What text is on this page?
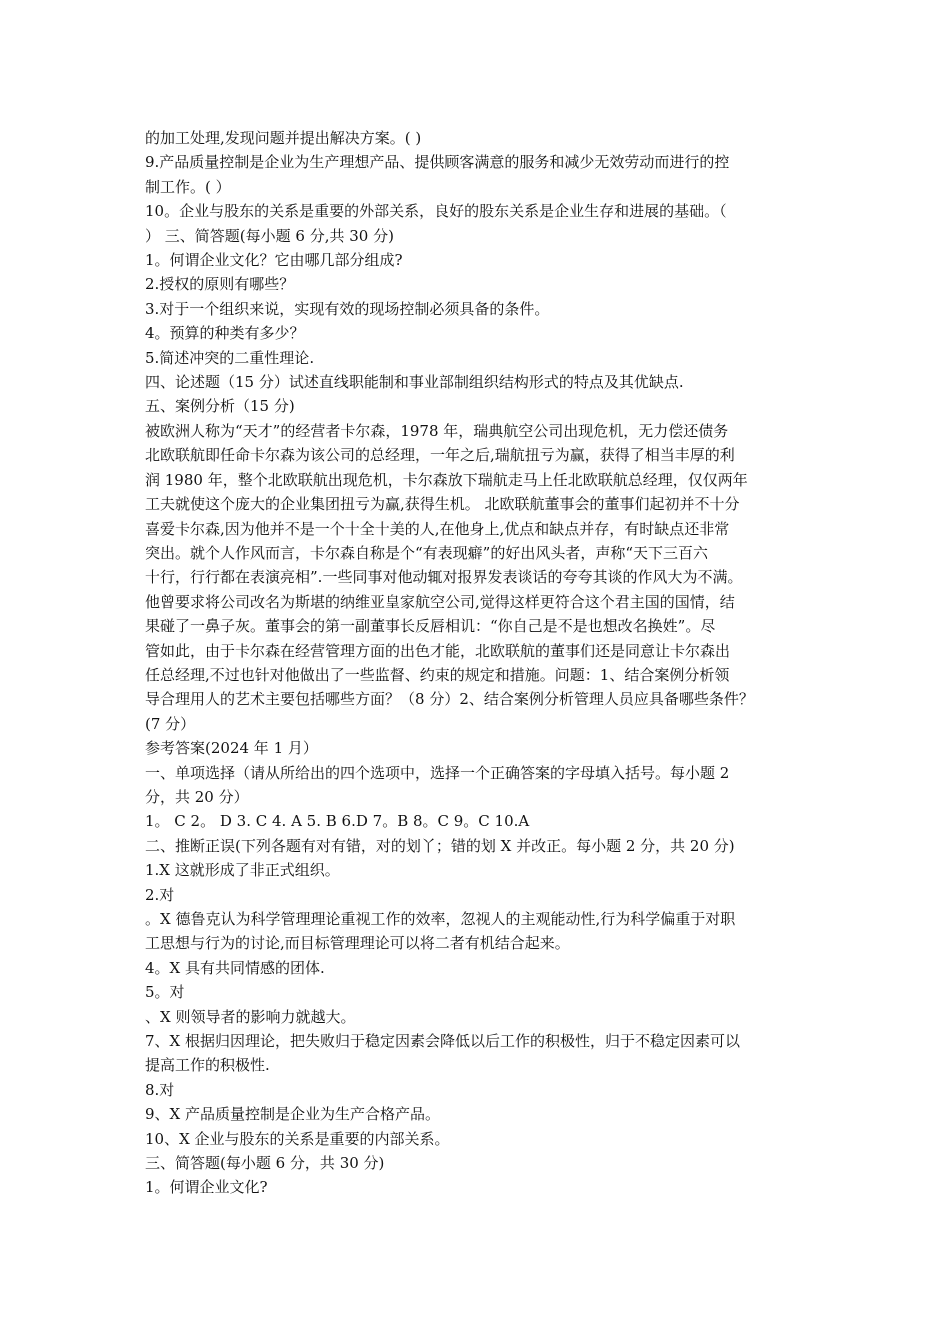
的加工处理,发现问题并提出解决方案。( )
9.产品质量控制是企业为生产理想产品、提供顾客满意的服务和减少无效劳动而进行的控
制工作。( ）
10。企业与股东的关系是重要的外部关系，良好的股东关系是企业生存和进展的基础。（
） 三、简答题(每小题 6 分,共 30 分)
1。何谓企业文化？它由哪几部分组成?
2.授权的原则有哪些？
3.对于一个组织来说，实现有效的现场控制必须具备的条件。
4。预算的种类有多少？
5.简述冲突的二重性理论.
四、论述题（15 分）试述直线职能制和事业部制组织结构形式的特点及其优缺点.
五、案例分析（15 分)
被欧洲人称为“天才”的经营者卡尔森，1978 年，瑞典航空公司出现危机，无力偿还债务
北欧联航即任命卡尔森为该公司的总经理，一年之后,瑞航扭亏为赢，获得了相当丰厚的利
润 1980 年，整个北欧联航出现危机，卡尔森放下瑞航走马上任北欧联航总经理，仅仅两年
工夫就使这个庞大的企业集团扭亏为赢,获得生机。 北欧联航董事会的董事们起初并不十分
喜爱卡尔森,因为他并不是一个十全十美的人,在他身上,优点和缺点并存，有时缺点还非常
突出。就个人作风而言，卡尔森自称是个“有表现癖”的好出风头者，声称“天下三百六
十行，行行都在表演亮相”.一些同事对他动辄对报界发表谈话的夸夸其谈的作风大为不满。
他曾要求将公司改名为斯堪的纳维亚皇家航空公司,觉得这样更符合这个君主国的国情，结
果碰了一鼻子灰。董事会的第一副董事长反唇相讥：“你自己是不是也想改名换姓”。尽
管如此，由于卡尔森在经营管理方面的出色才能，北欧联航的董事们还是同意让卡尔森出
任总经理,不过也针对他做出了一些监督、约束的规定和措施。问题：1、结合案例分析领
导合理用人的艺术主要包括哪些方面？（8 分）2、结合案例分析管理人员应具备哪些条件？
(7 分）
参考答案(2024 年 1 月）
一、单项选择（请从所给出的四个选项中，选择一个正确答案的字母填入括号。每小题 2
分，共 20 分）
1。 C 2。 D 3. C 4. A 5. B 6.D 7。B 8。C 9。C 10.A
二、推断正误(下列各题有对有错，对的划丫；错的划 X 并改正。每小题 2 分，共 20 分)
1.X 这就形成了非正式组织。
2.对
。X 德鲁克认为科学管理理论重视工作的效率，忽视人的主观能动性,行为科学偏重于对职
工思想与行为的讨论,而目标管理理论可以将二者有机结合起来。
4。X 具有共同情感的团体.
5。对
、X 则领导者的影响力就越大。
7、X 根据归因理论，把失败归于稳定因素会降低以后工作的积极性，归于不稳定因素可以
提高工作的积极性.
8.对
9、X 产品质量控制是企业为生产合格产品。
10、X 企业与股东的关系是重要的内部关系。
三、简答题(每小题 6 分，共 30 分)
1。何谓企业文化?
